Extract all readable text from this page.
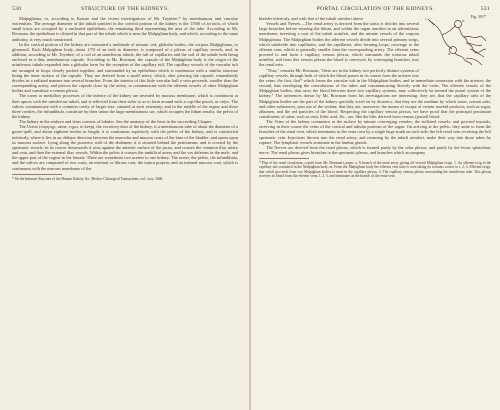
530	STRUCTURE OF THE KIDNEYS.

Malpighiana, or, according to Krause and the recent investigations of Mr. Toynbee,* by membranous and vascular extremities. The average diameter of the tubuli uriniferi in the cortical portion of the kidney is the 1/500 of an inch, of which small tracts are occupied by a nucleated epithelium, the remaining third representing the area of the tube. According to Mr. Bowman, the epithelium is ciliated in that part of the tubule which is near the Malpighian body, and which, according to the same authority, is very much constricted.

In the cortical portion of the kidney are contained a multitude of minute, red, globular bodies, the corpora Malpighiana, or glomeruli. Each Malpighian body, about 1/70 of an inch in diameter, is composed of a plexus of capillary vessels, and, in addition, according to Mr. Toynbee, of a coil of an uriniferous tubule, the tuft of capillaries and the coil of the tubule both being enclosed in a thin, membranous capsule. According to Mr. Bowman, the capsule of the Malpighian body is the origin of the uriniferous tubule expanded into a globular form for the reception of the capillary tuft. The capillary vessels of the vascular tuft are arranged in loops closely packed together, and surrounded by an epithelium which is continuous with a similar structure lining the inner surface of the capsule. They are derived from a small artery, which, after piercing the capsule, immediately divides in a radiated manner into several branches. From the interior of this little vascular ball a vein proceeds, smaller than the corresponding artery, and pierces the capsule close by the artery, to communicate with the efferent vessels of other Malpighian bodies and constitute a venous plexus.

The cones or medullary processes of the interior of the kidney are invested by mucous membrane, which is continuous at their apices with the uriniferous tubuli, and is reflected from their sides so as to form around each a cup-like pouch, or calyx. The calices communicate with a common cavity of larger size, situated at each extremity, and in the middle of the organ; and these three cavities, the infundibula, constitute by their union the large membranous sac, which occupies the hilum renalis, the pelvis of the kidney.

The kidney in the embryo and fetus consists of lobules. See the anatomy of the fetus in the succeeding Chapter.

The Ureter (ουρητηρ, urine, τηρω, to keep), the excretory duct of the kidney, is a membranous tube of about the diameter of a goose-quill, and about eighteen inches in length; it is continuous superiorly with the pelvis of the kidney, and is constricted inferiorly, where it lies in an oblique direction between the muscular and mucous coats of the base of the bladder, and opens upon its mucous surface. Lying along the posterior wall of the abdomen, it is situated behind the peritoneum, and is crossed by the spermatic vessels; in its course downwards it rests against the anterior surface of the psoas, and crosses the common iliac artery and vein, and then the external iliac vessels. Within the pelvis it crosses the umbilical artery and the vas deferens in the male, and the upper part of the vagina in the female. There are sometimes two ureters to one kidney. The ureter, the pelvis, the infundibula, and the calices are composed of two coats, an external or fibrous coat, the tunica propria; and an internal mucous coat, which is continuous with the mucous membrane of the

* On the Intimate Structure of the Human Kidney, &c. Medico-Chirurgical Transactions, vol. xxix, 1846.
PORTAL CIRCULATION OF THE KIDNEYS.	531
Fig. 301*
a	m
m
t

bladder inferiorly, and with that of the tubuli uriniferi above.

Vessels and Nerves.—The renal artery is derived from the aorta; it divides into several large branches before entering the hilum, and within the organ ramifies in an adventitious membrane, investing a coat of the tubuli uriniferi, and the minute vessels of the corpora Malpighiana. The Malpighian bodies the afferent vessels divide into several primary twigs, which subdivide into capillaries, and the capillaries, after forming loops, converge to the efferent vein, which is generally smaller than the corresponding artery. The efferent veins proceed to and form a capillary venous plexus, which surrounds the tortuous tubuli uriniferi, and from this venous plexus the blood is conveyed, by converging branches, into the renal vein.

"Thus," remarks Mr. Bowman, "there are in the kidney two perfectly distinct systems of capillary vessels, through both of which the blood passes in its course from the arteries into the veins: the first, that* which forms the vascular tuft in the Malpighian bodies, and in immediate connexion with the arteries; the second, that enveloping the convolutions of the tubes and communicating directly with the veins. The efferent vessels of the Malpighian bodies, that carry the blood between these two capillary systems, may collectively be termed the portal system of the kidney." The inferences drawn by Mr. Bowman from his investigations are interesting: they are, that the capillary tufts of the Malpighian bodies are the part of the kidney specially acted on by diuretics; that they are the medium by which water, certain salts, and other substances, pass out of the system; that they are, moreover, the means of escape of certain morbid products, such as sugar, albumen, and the red particles of the blood. Respecting the capillary venous plexus, we have proof that the principal proximate constituents of urine, such as urea, lithic acid, &c., are, like the bile, derived from venous (portal) blood.

The Veins of the kidney commence at the surface by minute converging venules, the stellated vessels, and proceed inwards, receiving in their course the veins of the cortical and tubular portions of the organ. On arriving at the pelvis, they unite to form the branches of the renal vein, which terminates in the vena cava by a single large trunk on each side; the left renal vein receiving the left spermatic vein. Injections thrown into the renal artery, and returning by the tubuli uriniferi, make their way into those tubes by rupture. The lymphatic vessels terminate in the lumbar glands.

The Nerves are derived from the renal plexus, which is formed partly by the solar plexus, and partly by the lesser splanchnic nerve. The renal plexus gives branches to the spermatic plexus, and branches which accompany

* Plan of the renal circulation; copied from Mr. Bowman's paper. a. A branch of the renal artery giving off several Malpighian twigs. 1. An afferent twig to the capillary tuft contained in the Malpighian body, m. From the Malpighian body the efferent vein tube is seen taking its tortuous course to t. 2, 3. Efferent twigs, that which proceeds from two Malpighian bodies to meet in the capillary plexus. 4. The capillary venous plexus surrounding the uriniferous tube. This plexus receives its blood from the efferent veins 1, 2, 3, and terminates in the branch of the renal vein.
